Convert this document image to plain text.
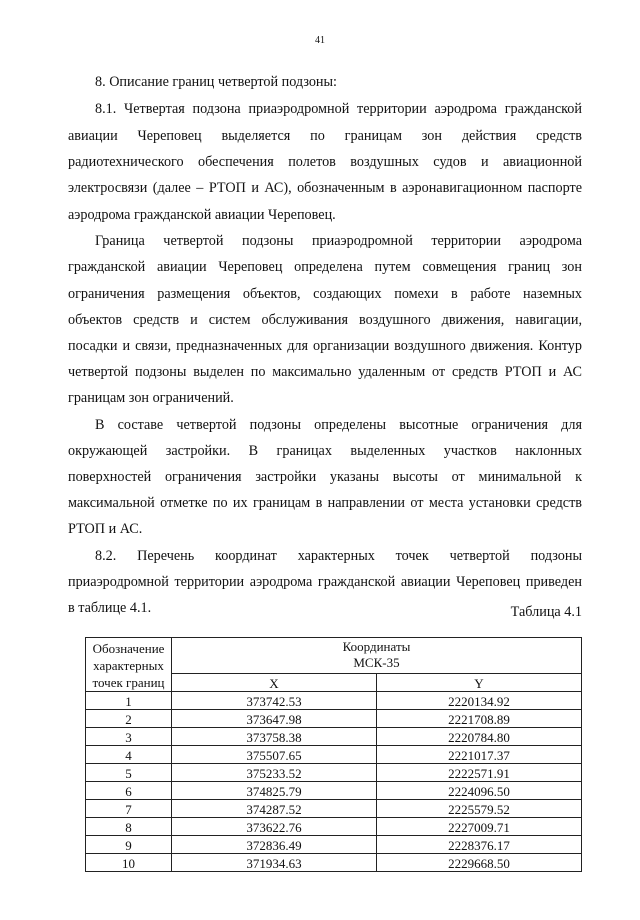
41

8. Описание границ четвертой подзоны:

8.1. Четвертая подзона приаэродромной территории аэродрома гражданской

авиации Череповец выделяется по границам зон действия средств

радиотехнического обеспечения полетов воздушных судов и авиационной

электросвязи (далее – РТОП и АС), обозначенным в аэронавигационном паспорте

аэродрома гражданской авиации Череповец.

Граница четвертой подзоны приаэродромной территории аэродрома

гражданской авиации Череповец определена путем совмещения границ зон

ограничения размещения объектов, создающих помехи в работе наземных

объектов средств и систем обслуживания воздушного движения, навигации,

посадки и связи, предназначенных для организации воздушного движения. Контур

четвертой подзоны выделен по максимально удаленным от средств РТОП и АС

границам зон ограничений.

В составе четвертой подзоны определены высотные ограничения для

окружающей застройки. В границах выделенных участков наклонных

поверхностей ограничения застройки указаны высоты от минимальной к

максимальной отметке по их границам в направлении от места установки средств

РТОП и АС.

8.2. Перечень координат характерных точек четвертой подзоны

приаэродромной территории аэродрома гражданской авиации Череповец приведен

в таблице 4.1.	Таблица 4.1
Обозначение характерных точек границ	Координаты
МСК-35	
	X	Y
1	373742.53	2220134.92
2	373647.98	2221708.89
3	373758.38	2220784.80
4	375507.65	2221017.37
5	375233.52	2222571.91
6	374825.79	2224096.50
7	374287.52	2225579.52
8	373622.76	2227009.71
9	372836.49	2228376.17
10	371934.63	2229668.50
